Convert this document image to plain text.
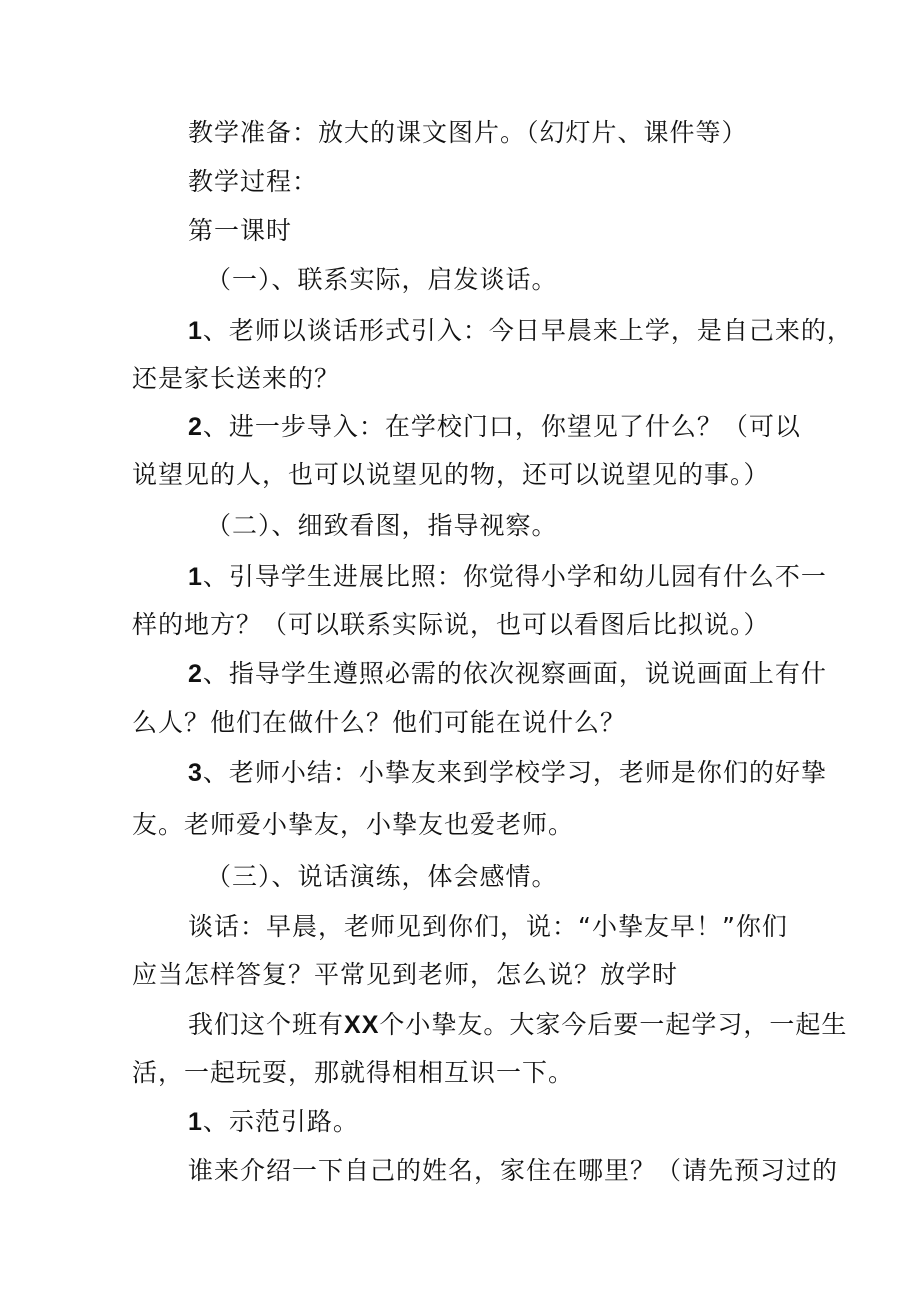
教学准备：放大的课文图片。（幻灯片、课件等）
教学过程：
第一课时
（一）、联系实际，启发谈话。
1、老师以谈话形式引入：今日早晨来上学，是自己来的，
还是家长送来的？
2、进一步导入：在学校门口，你望见了什么？（可以
说望见的人，也可以说望见的物，还可以说望见的事。）
（二）、细致看图，指导视察。
1、引导学生进展比照：你觉得小学和幼儿园有什么不一
样的地方？（可以联系实际说，也可以看图后比拟说。）
2、指导学生遵照必需的依次视察画面，说说画面上有什
么人？他们在做什么？他们可能在说什么？
3、老师小结：小挚友来到学校学习，老师是你们的好挚
友。老师爱小挚友，小挚友也爱老师。
（三）、说话演练，体会感情。
谈话：早晨，老师见到你们，说：“小挚友早！”你们
应当怎样答复？平常见到老师，怎么说？放学时
我们这个班有XX个小挚友。大家今后要一起学习，一起生
活，一起玩耍，那就得相相互识一下。
1、示范引路。
谁来介绍一下自己的姓名，家住在哪里？（请先预习过的
